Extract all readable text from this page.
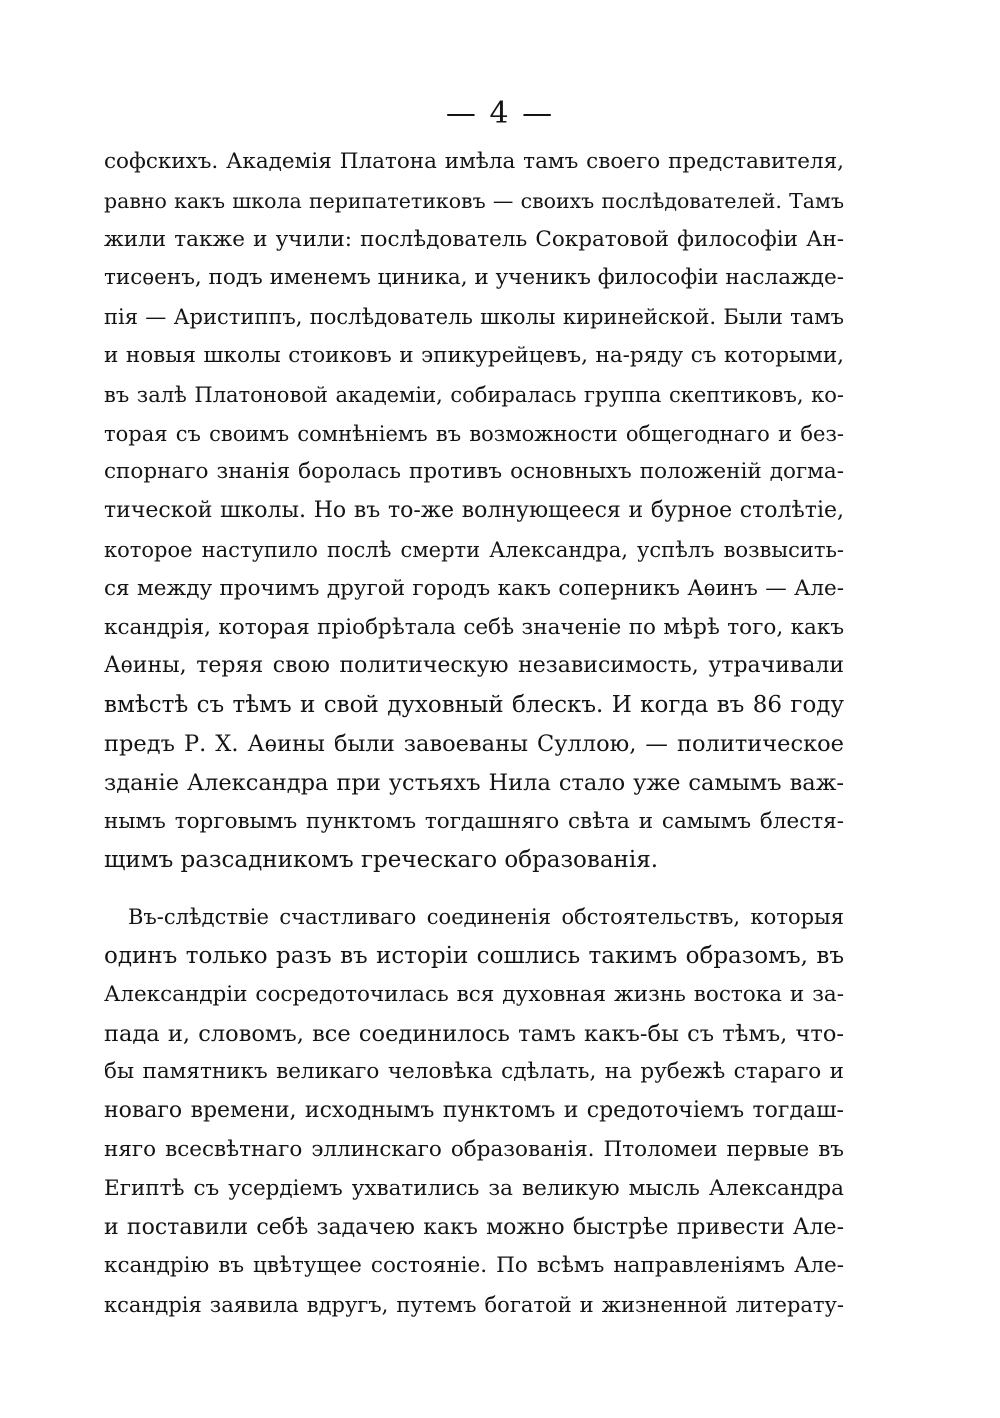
— 4 —
софскихъ. Академія Платона имѣла тамъ своего представителя,
равно какъ школа перипатетиковъ — своихъ послѣдователей. Тамъ
жили также и учили: послѣдователь Сократовой философіи Ан-
тисѳенъ, подъ именемъ циника, и ученикъ философіи наслажде-
пія — Аристиппъ, послѣдователь школы киринейской. Были тамъ
и новыя школы стоиковъ и эпикурейцевъ, на-ряду съ которыми,
въ залѣ Платоновой академіи, собиралась группа скептиковъ, ко-
торая съ своимъ сомнѣніемъ въ возможности общегоднаго и без-
спорнаго знанія боролась противъ основныхъ положеній догма-
тической школы. Но въ то-же волнующееся и бурное столѣтіе,
которое наступило послѣ смерти Александра, успѣлъ возвысить-
ся между прочимъ другой городъ какъ соперникъ Аѳинъ — Але-
ксандрія, которая пріобрѣтала себѣ значеніе по мѣрѣ того, какъ
Аѳины, теряя свою политическую независимость, утрачивали
вмѣстѣ съ тѣмъ и свой духовный блескъ. И когда въ 86 году
предъ Р. Х. Аѳины были завоеваны Суллою, — политическое
зданіе Александра при устьяхъ Нила стало уже самымъ важ-
нымъ торговымъ пунктомъ тогдашняго свѣта и самымъ блестя-
щимъ разсадникомъ греческаго образованія.
Въ-слѣдствіе счастливаго соединенія обстоятельствъ, которыя
одинъ только разъ въ исторіи сошлись такимъ образомъ, въ
Александріи сосредоточилась вся духовная жизнь востока и за-
пада и, словомъ, все соединилось тамъ какъ-бы съ тѣмъ, что-
бы памятникъ великаго человѣка сдѣлать, на рубежѣ стараго и
новаго времени, исходнымъ пунктомъ и средоточіемъ тогдаш-
няго всесвѣтнаго эллинскаго образованія. Птоломеи первые въ
Египтѣ съ усердіемъ ухватились за великую мысль Александра
и поставили себѣ задачею какъ можно быстрѣе привести Але-
ксандрію въ цвѣтущее состояніе. По всѣмъ направленіямъ Але-
ксандрія заявила вдругъ, путемъ богатой и жизненной литерату-
